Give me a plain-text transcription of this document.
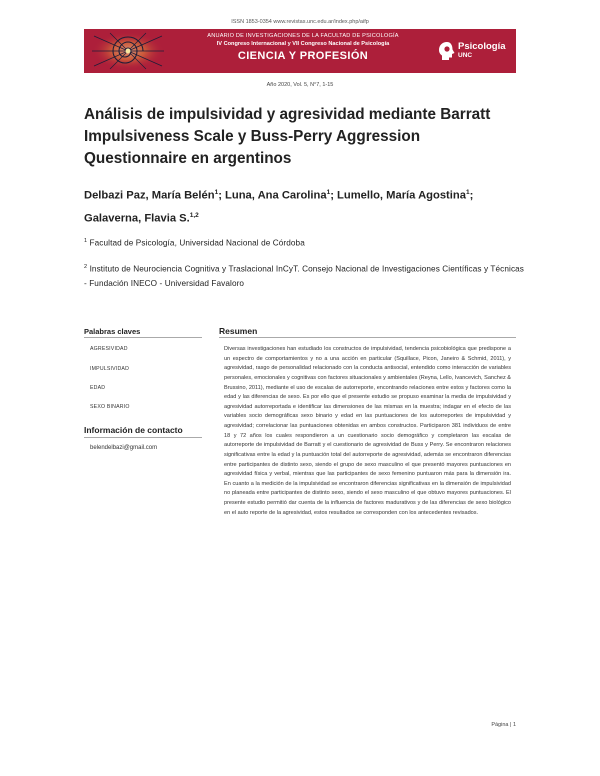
ISSN 1853-0354 www.revistas.unc.edu.ar/index.php/aifp
ANUARIO DE INVESTIGACIONES DE LA FACULTAD DE PSICOLOGÍA
IV Congreso Internacional y VII Congreso Nacional de Psicología
CIENCIA Y PROFESIÓN
Psicología
UNC
Año 2020, Vol. 5, N°7, 1-15
Análisis de impulsividad y agresividad mediante Barratt Impulsiveness Scale y Buss-Perry Aggression Questionnaire en argentinos
Delbazi Paz, María Belén$^1$; Luna, Ana Carolina$^1$; Lumello, María Agostina$^1$;
Galaverna, Flavia S.$^{1,2}$
$^1$ Facultad de Psicología, Universidad Nacional de Córdoba
$^2$ Instituto de Neurociencia Cognitiva y Traslacional InCyT. Consejo Nacional de Investigaciones Científicas y Técnicas - Fundación INECO - Universidad Favaloro
Palabras claves
AGRESIVIDAD
IMPULSIVIDAD
EDAD
SEXO BINARIO
Información de contacto
belendelbazi@gmail.com
Resumen
Diversas investigaciones han estudiado los constructos de impulsividad, tendencia psicobiológica que predispone a un espectro de comportamientos y no a una acción en particular (Squillace, Picon, Janeiro & Schmid, 2011), y agresividad, rasgo de personalidad relacionado con la conducta antisocial, entendido como interacción de variables personales, emocionales y cognitivas con factores situacionales y ambientales (Reyna, Lello, Ivancevich, Sanchez & Brussino, 2011), mediante el uso de escalas de autorreporte, encontrando relaciones entre estos y factores como la edad y las diferencias de sexo. Es por ello que el presente estudio se propuso examinar la media de impulsividad y agresividad autorreportada e identificar las dimensiones de las mismas en la muestra; indagar en el efecto de las variables socio demográficas sexo binario y edad en las puntuaciones de los autorreportes de impulsividad y agresividad; correlacionar las puntuaciones obtenidas en ambos constructos. Participaron 381 individuos de entre 18 y 72 años los cuales respondieron a un cuestionario socio demográfico y completaron las escalas de autorreporte de impulsividad de Barratt y el cuestionario de agresividad de Buss y Perry. Se encontraron relaciones significativas entre la edad y la puntuación total del autorreporte de agresividad, además se encontraron diferencias entre participantes de distinto sexo, siendo el grupo de sexo masculino el que presentó mayores puntuaciones en agresividad física y verbal, mientras que las participantes de sexo femenino puntuaron más para la dimensión ira. En cuanto a la medición de la impulsividad se encontraron diferencias significativas en la dimensión de impulsividad no planeada entre participantes de distinto sexo, siendo el sexo masculino el que obtuvo mayores puntuaciones. El presente estudio permitió dar cuenta de la influencia de factores madurativos y de las diferencias de sexo biológico en el auto reporte de la agresividad, estos resultados se corresponden con los antecedentes revisados.
Página | 1
